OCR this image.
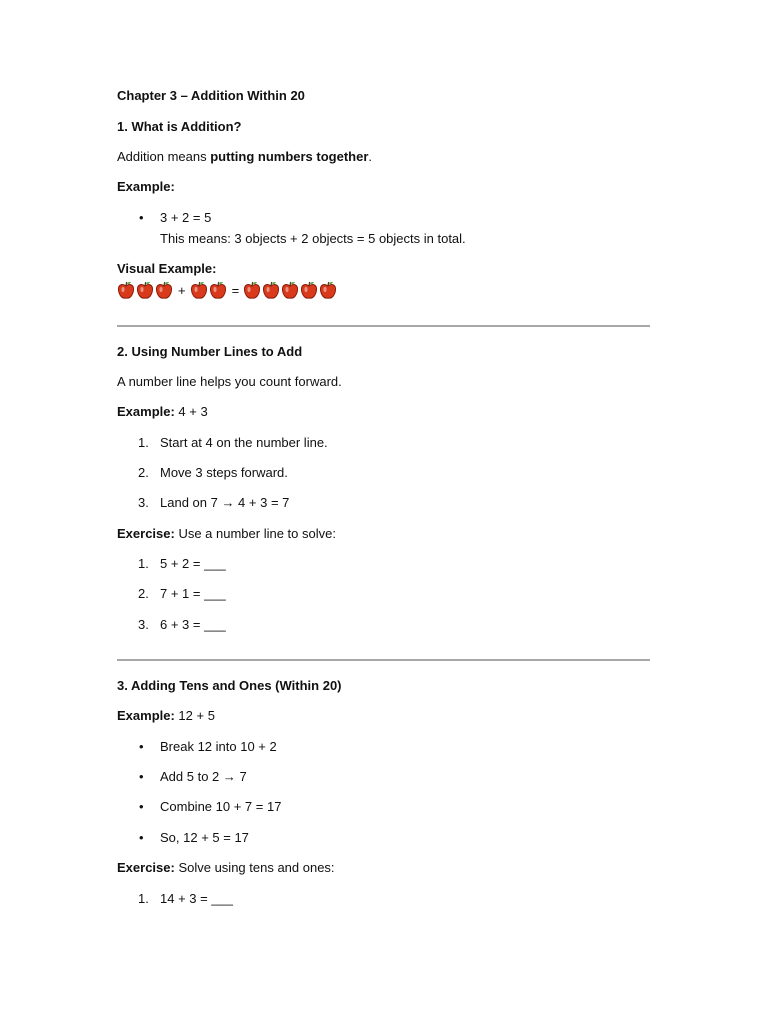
Chapter 3 – Addition Within 20
1. What is Addition?
Addition means putting numbers together.
Example:
• 3 + 2 = 5
This means: 3 objects + 2 objects = 5 objects in total.
Visual Example:
+	=
2. Using Number Lines to Add
A number line helps you count forward.
Example: 4 + 3
1. Start at 4 on the number line.
2. Move 3 steps forward.
3. Land on 7 → 4 + 3 = 7
Exercise: Use a number line to solve:
1. 5 + 2 = ___
2. 7 + 1 = ___
3. 6 + 3 = ___
3. Adding Tens and Ones (Within 20)
Example: 12 + 5
• Break 12 into 10 + 2
• Add 5 to 2 → 7
• Combine 10 + 7 = 17
• So, 12 + 5 = 17
Exercise: Solve using tens and ones:
1. 14 + 3 = ___
